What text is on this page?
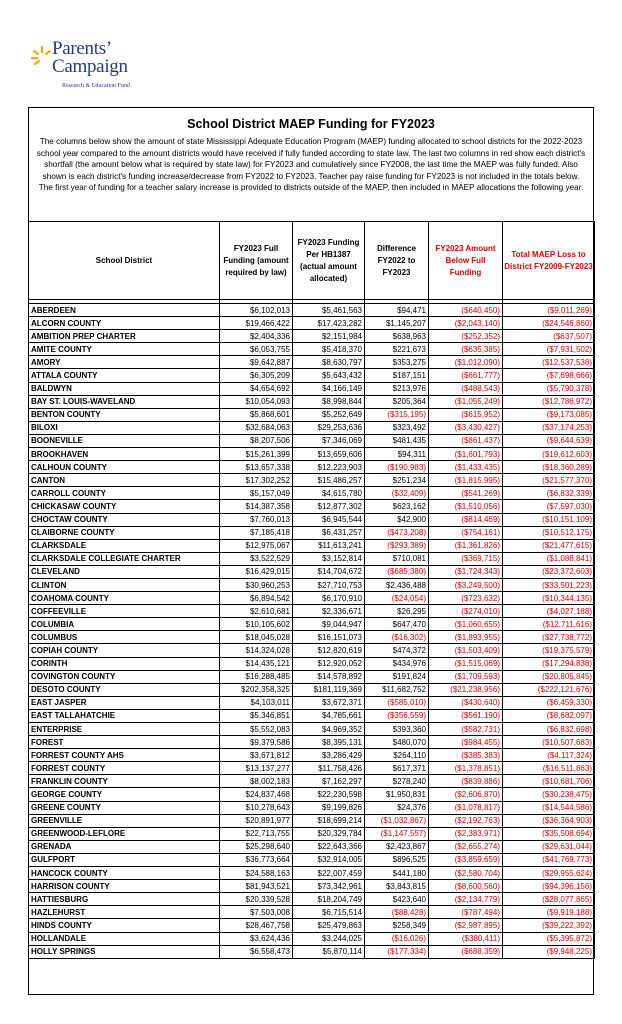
Parents’
Campaign
Research & Education Fund
School District MAEP Funding for FY2023
The columns below show the amount of state Mississippi Adequate Education Program (MAEP) funding allocated to school districts for the 2022-2023 school year compared to the amount districts would have received if fully funded according to state law. The last two columns in red show each district's shortfall (the amount below what is required by state law) for FY2023 and cumulatively since FY2008, the last time the MAEP was fully funded. Also shown is each district's funding increase/decrease from FY2022 to FY2023. Teacher pay raise funding for FY2023 is not included in the totals below. The first year of funding for a teacher salary increase is provided to districts outside of the MAEP, then included in MAEP allocations the following year.
School District	FY2023 Full Funding (amount required by law)	FY2023 Funding Per HB1387 (actual amount allocated)	Difference FY2022 to FY2023	FY2023 Amount Below Full Funding	Total MAEP Loss to District FY2009-FY2023

ABERDEEN	$6,102,013	$5,461,563	$94,471	($640,450)	($9,011,269)
ALCORN COUNTY	$19,466,422	$17,423,282	$1,145,207	($2,043,140)	($24,546,860)
AMBITION PREP CHARTER	$2,404,336	$2,151,984	$638,963	($252,352)	($637,507)
AMITE COUNTY	$6,053,755	$5,418,370	$221,673	($635,385)	($7,931,502)
AMORY	$9,642,887	$8,630,797	$353,275	($1,012,090)	($12,537,538)
ATTALA COUNTY	$6,305,209	$5,643,432	$187,151	($661,777)	($7,698,666)
BALDWYN	$4,654,692	$4,166,149	$213,976	($488,543)	($5,790,378)
BAY ST. LOUIS-WAVELAND	$10,054,093	$8,998,844	$205,364	($1,055,249)	($12,786,972)
BENTON COUNTY	$5,868,601	$5,252,649	($315,195)	($615,952)	($9,173,085)
BILOXI	$32,684,063	$29,253,636	$323,492	($3,430,427)	($37,174,253)
BOONEVILLE	$8,207,506	$7,346,069	$481,435	($861,437)	($9,644,639)
BROOKHAVEN	$15,261,399	$13,659,606	$94,311	($1,601,793)	($19,612,603)
CALHOUN COUNTY	$13,657,338	$12,223,903	($190,983)	($1,433,435)	($18,360,289)
CANTON	$17,302,252	$15,486,257	$251,234	($1,815,995)	($21,577,370)
CARROLL COUNTY	$5,157,049	$4,615,780	($32,409)	($541,269)	($6,832,339)
CHICKASAW COUNTY	$14,387,358	$12,877,302	$623,162	($1,510,056)	($7,597,030)
CHOCTAW COUNTY	$7,760,013	$6,945,544	$42,900	($814,469)	($10,151,109)
CLAIBORNE COUNTY	$7,185,418	$6,431,257	($473,208)	($754,161)	($10,512,175)
CLARKSDALE	$12,975,067	$11,613,241	($293,389)	($1,361,826)	($21,477,615)
CLARKSDALE COLLEGIATE CHARTER	$3,522,529	$3,152,814	$710,081	($369,715)	($1,088,841)
CLEVELAND	$16,429,015	$14,704,672	($685,380)	($1,724,343)	($23,372,603)
CLINTON	$30,960,253	$27,710,753	$2,436,488	($3,249,500)	($33,501,223)
COAHOMA COUNTY	$6,894,542	$6,170,910	($24,054)	($723,632)	($10,344,135)
COFFEEVILLE	$2,610,681	$2,336,671	$26,295	($274,010)	($4,027,188)
COLUMBIA	$10,105,602	$9,044,947	$647,470	($1,060,655)	($12,711,616)
COLUMBUS	$18,045,028	$16,151,073	($16,302)	($1,893,955)	($27,738,772)
COPIAH COUNTY	$14,324,028	$12,820,619	$474,372	($1,503,409)	($19,375,579)
CORINTH	$14,435,121	$12,920,052	$434,976	($1,515,069)	($17,294,838)
COVINGTON COUNTY	$16,288,485	$14,578,892	$191,824	($1,709,593)	($20,805,845)
DESOTO COUNTY	$202,358,325	$181,119,369	$11,682,752	($21,238,956)	($222,121,676)
EAST JASPER	$4,103,011	$3,672,371	($585,010)	($430,640)	($6,459,330)
EAST TALLAHATCHIE	$5,346,851	$4,785,661	($356,559)	($561,190)	($8,682,097)
ENTERPRISE	$5,552,083	$4,969,352	$393,360	($582,731)	($6,832,698)
FOREST	$9,379,586	$8,395,131	$480,070	($984,455)	($10,507,683)
FORREST COUNTY AHS	$3,671,812	$3,286,429	$264,110	($385,383)	($4,117,324)
FORREST COUNTY	$13,137,277	$11,758,426	$617,371	($1,378,851)	($16,511,863)
FRANKLIN COUNTY	$8,002,183	$7,162,297	$278,240	($839,886)	($10,681,706)
GEORGE COUNTY	$24,837,468	$22,230,598	$1,950,831	($2,606,870)	($30,238,475)
GREENE COUNTY	$10,278,643	$9,199,826	$24,376	($1,078,817)	($14,544,586)
GREENVILLE	$20,891,977	$18,699,214	($1,032,867)	($2,192,763)	($36,364,903)
GREENWOOD-LEFLORE	$22,713,755	$20,329,784	($1,147,557)	($2,383,971)	($35,508,694)
GRENADA	$25,298,640	$22,643,366	$2,423,867	($2,655,274)	($29,631,044)
GULFPORT	$36,773,664	$32,914,005	$896,525	($3,859,659)	($41,769,773)
HANCOCK COUNTY	$24,588,163	$22,007,459	$441,180	($2,580,704)	($29,955,624)
HARRISON COUNTY	$81,943,521	$73,342,961	$3,843,815	($8,600,560)	($94,396,156)
HATTIESBURG	$20,339,528	$18,204,749	$423,640	($2,134,779)	($28,077,865)
HAZLEHURST	$7,503,008	$6,715,514	($88,428)	($787,494)	($9,919,188)
HINDS COUNTY	$28,467,758	$25,479,863	$258,349	($2,987,895)	($39,222,392)
HOLLANDALE	$3,624,436	$3,244,025	($16,026)	($380,411)	($5,395,872)
HOLLY SPRINGS	$6,558,473	$5,870,114	($177,334)	($688,359)	($9,948,225)
